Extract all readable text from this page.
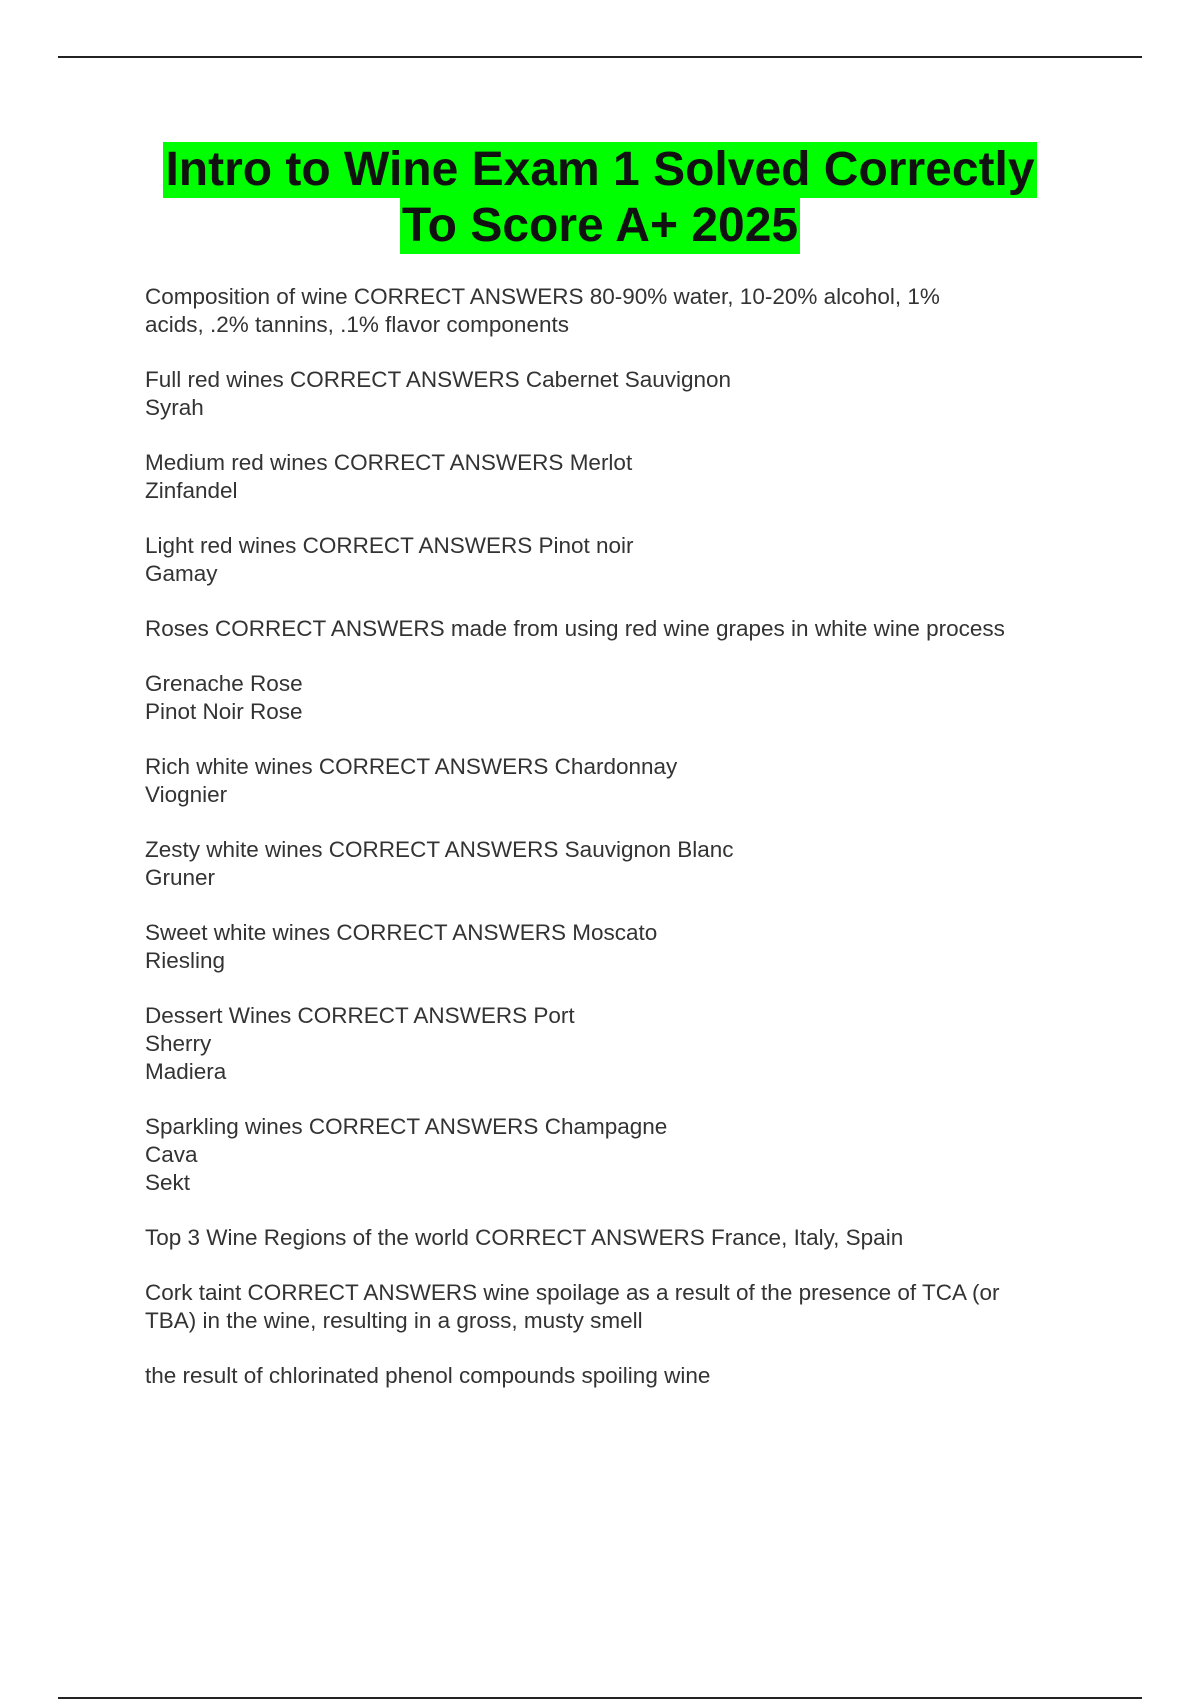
Intro to Wine Exam 1 Solved Correctly
To Score A+ 2025
Composition of wine CORRECT ANSWERS 80-90% water, 10-20% alcohol, 1%
acids, .2% tannins, .1% flavor components
Full red wines CORRECT ANSWERS Cabernet Sauvignon
Syrah
Medium red wines CORRECT ANSWERS Merlot
Zinfandel
Light red wines CORRECT ANSWERS Pinot noir
Gamay
Roses CORRECT ANSWERS made from using red wine grapes in white wine process
Grenache Rose
Pinot Noir Rose
Rich white wines CORRECT ANSWERS Chardonnay
Viognier
Zesty white wines CORRECT ANSWERS Sauvignon Blanc
Gruner
Sweet white wines CORRECT ANSWERS Moscato
Riesling
Dessert Wines CORRECT ANSWERS Port
Sherry
Madiera
Sparkling wines CORRECT ANSWERS Champagne
Cava
Sekt
Top 3 Wine Regions of the world CORRECT ANSWERS France, Italy, Spain
Cork taint CORRECT ANSWERS wine spoilage as a result of the presence of TCA (or
TBA) in the wine, resulting in a gross, musty smell
the result of chlorinated phenol compounds spoiling wine
